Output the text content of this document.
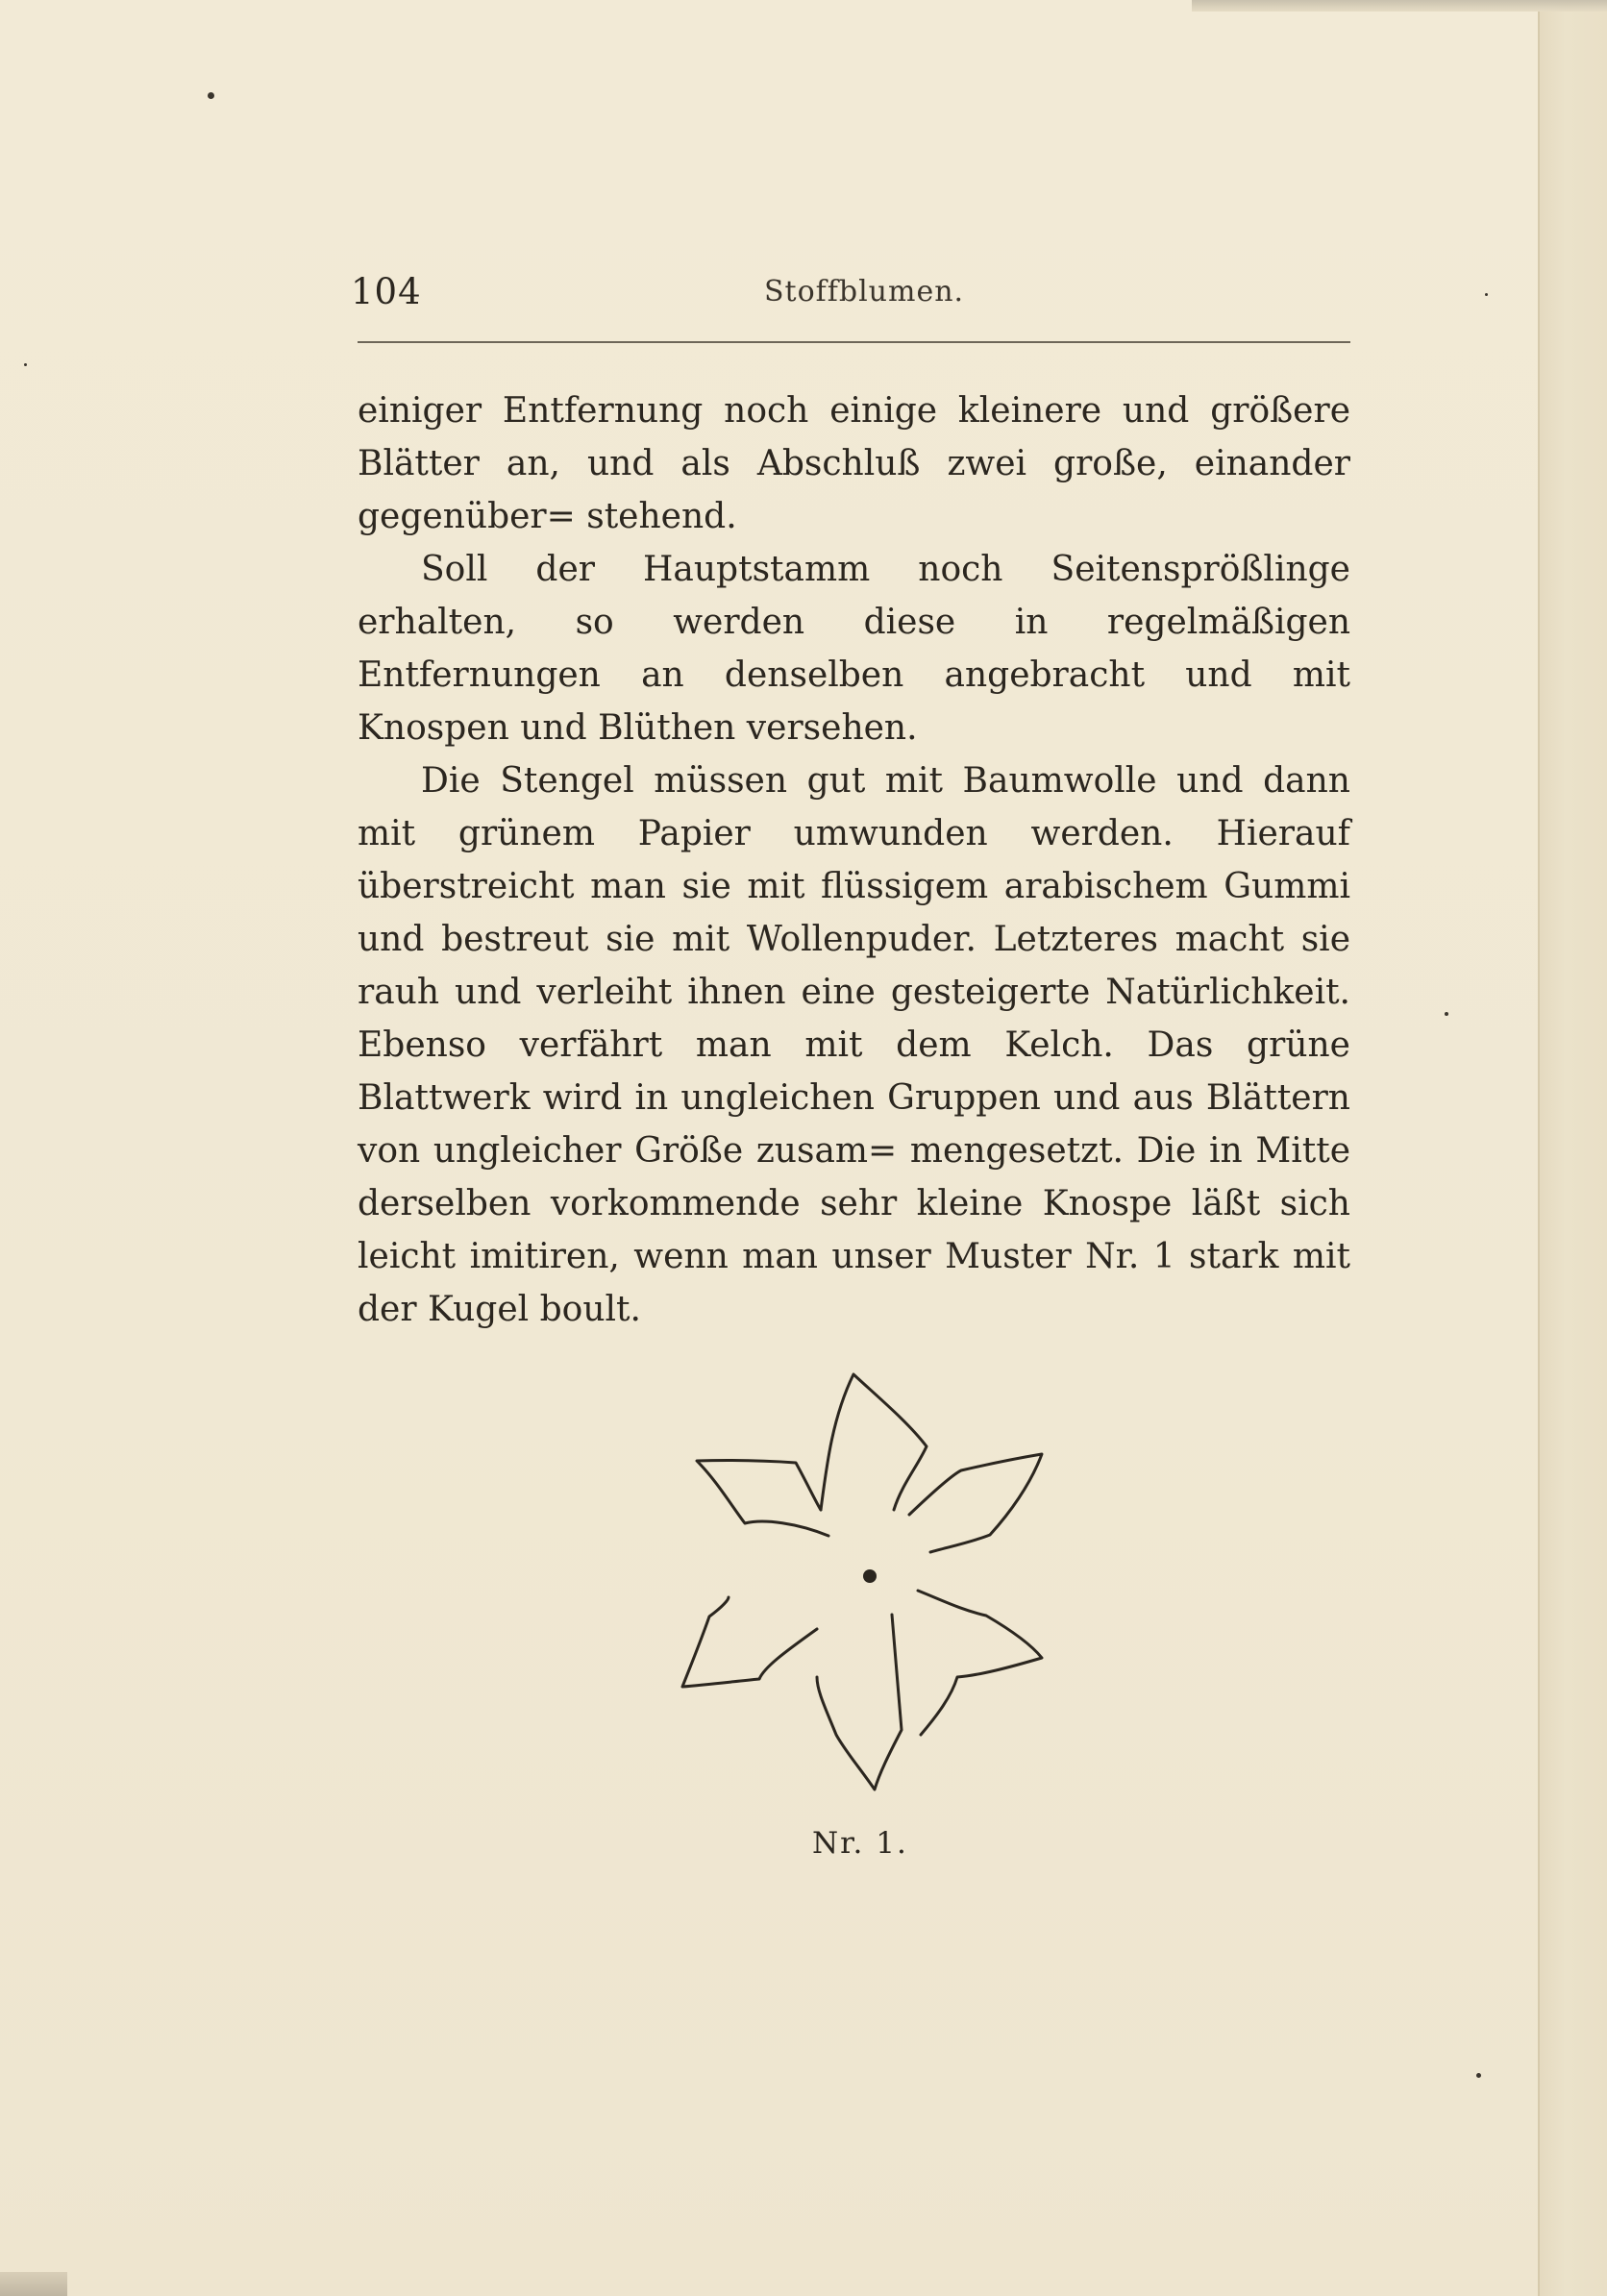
104	Stoffblumen.

einiger Entfernung noch einige kleinere und größere Blätter an, und als Abschluß zwei große, einander gegenüber= stehend.

Soll der Hauptstamm noch Seitensprößlinge erhalten, so werden diese in regelmäßigen Entfernungen an denselben angebracht und mit Knospen und Blüthen versehen.

Die Stengel müssen gut mit Baumwolle und dann mit grünem Papier umwunden werden. Hierauf überstreicht man sie mit flüssigem arabischem Gummi und bestreut sie mit Wollenpuder. Letzteres macht sie rauh und verleiht ihnen eine gesteigerte Natürlichkeit. Ebenso verfährt man mit dem Kelch. Das grüne Blattwerk wird in ungleichen Gruppen und aus Blättern von ungleicher Größe zusam= mengesetzt. Die in Mitte derselben vorkommende sehr kleine Knospe läßt sich leicht imitiren, wenn man unser Muster Nr. 1 stark mit der Kugel boult.

Nr. 1.
